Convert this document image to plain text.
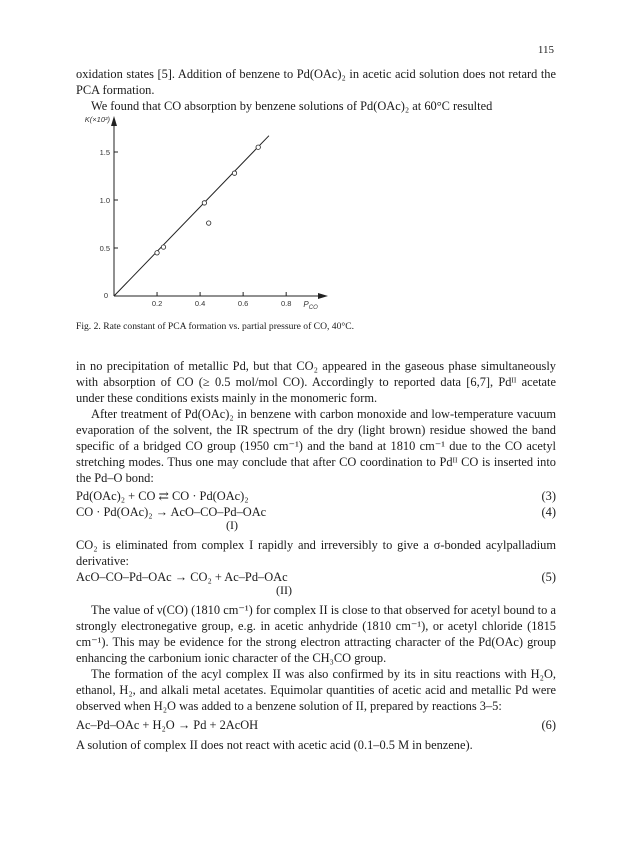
115

oxidation states [5]. Addition of benzene to Pd(OAc)₂ in acetic acid solution does not retard the PCA formation.

We found that CO absorption by benzene solutions of Pd(OAc)₂ at 60°C resulted

0.2	0.4	0.6	0.8
0.5
1.0
1.5
0
K(×10²)
$P_{CO}$
Fig. 2. Rate constant of PCA formation vs. partial pressure of CO, 40°C.

in no precipitation of metallic Pd, but that CO₂ appeared in the gaseous phase simultaneously with absorption of CO (≥ 0.5 mol/mol CO). Accordingly to reported data [6,7], Pdᴵᴵ acetate under these conditions exists mainly in the monomeric form.

After treatment of Pd(OAc)₂ in benzene with carbon monoxide and low-temperature vacuum evaporation of the solvent, the IR spectrum of the dry (light brown) residue showed the band specific of a bridged CO group (1950 cm⁻¹) and the band at 1810 cm⁻¹ due to the CO acetyl stretching modes. Thus one may conclude that after CO coordination to Pdᴵᴵ CO is inserted into the Pd–O bond:

Pd(OAc)₂ + CO ⇄ CO · Pd(OAc)₂	(3)
CO · Pd(OAc)₂ → AcO–CO–Pd–OAc	(4)
(I)

CO₂ is eliminated from complex I rapidly and irreversibly to give a σ-bonded acylpalladium derivative:

AcO–CO–Pd–OAc → CO₂ + Ac–Pd–OAc	(5)
(II)

The value of ν(CO) (1810 cm⁻¹) for complex II is close to that observed for acetyl bound to a strongly electronegative group, e.g. in acetic anhydride (1810 cm⁻¹), or acetyl chloride (1815 cm⁻¹). This may be evidence for the strong electron attracting character of the Pd(OAc) group enhancing the carbonium ionic character of the CH₃CO group.

The formation of the acyl complex II was also confirmed by its in situ reactions with H₂O, ethanol, H₂, and alkali metal acetates. Equimolar quantities of acetic acid and metallic Pd were observed when H₂O was added to a benzene solution of II, prepared by reactions 3–5:

Ac–Pd–OAc + H₂O → Pd + 2AcOH	(6)

A solution of complex II does not react with acetic acid (0.1–0.5 M in benzene).
